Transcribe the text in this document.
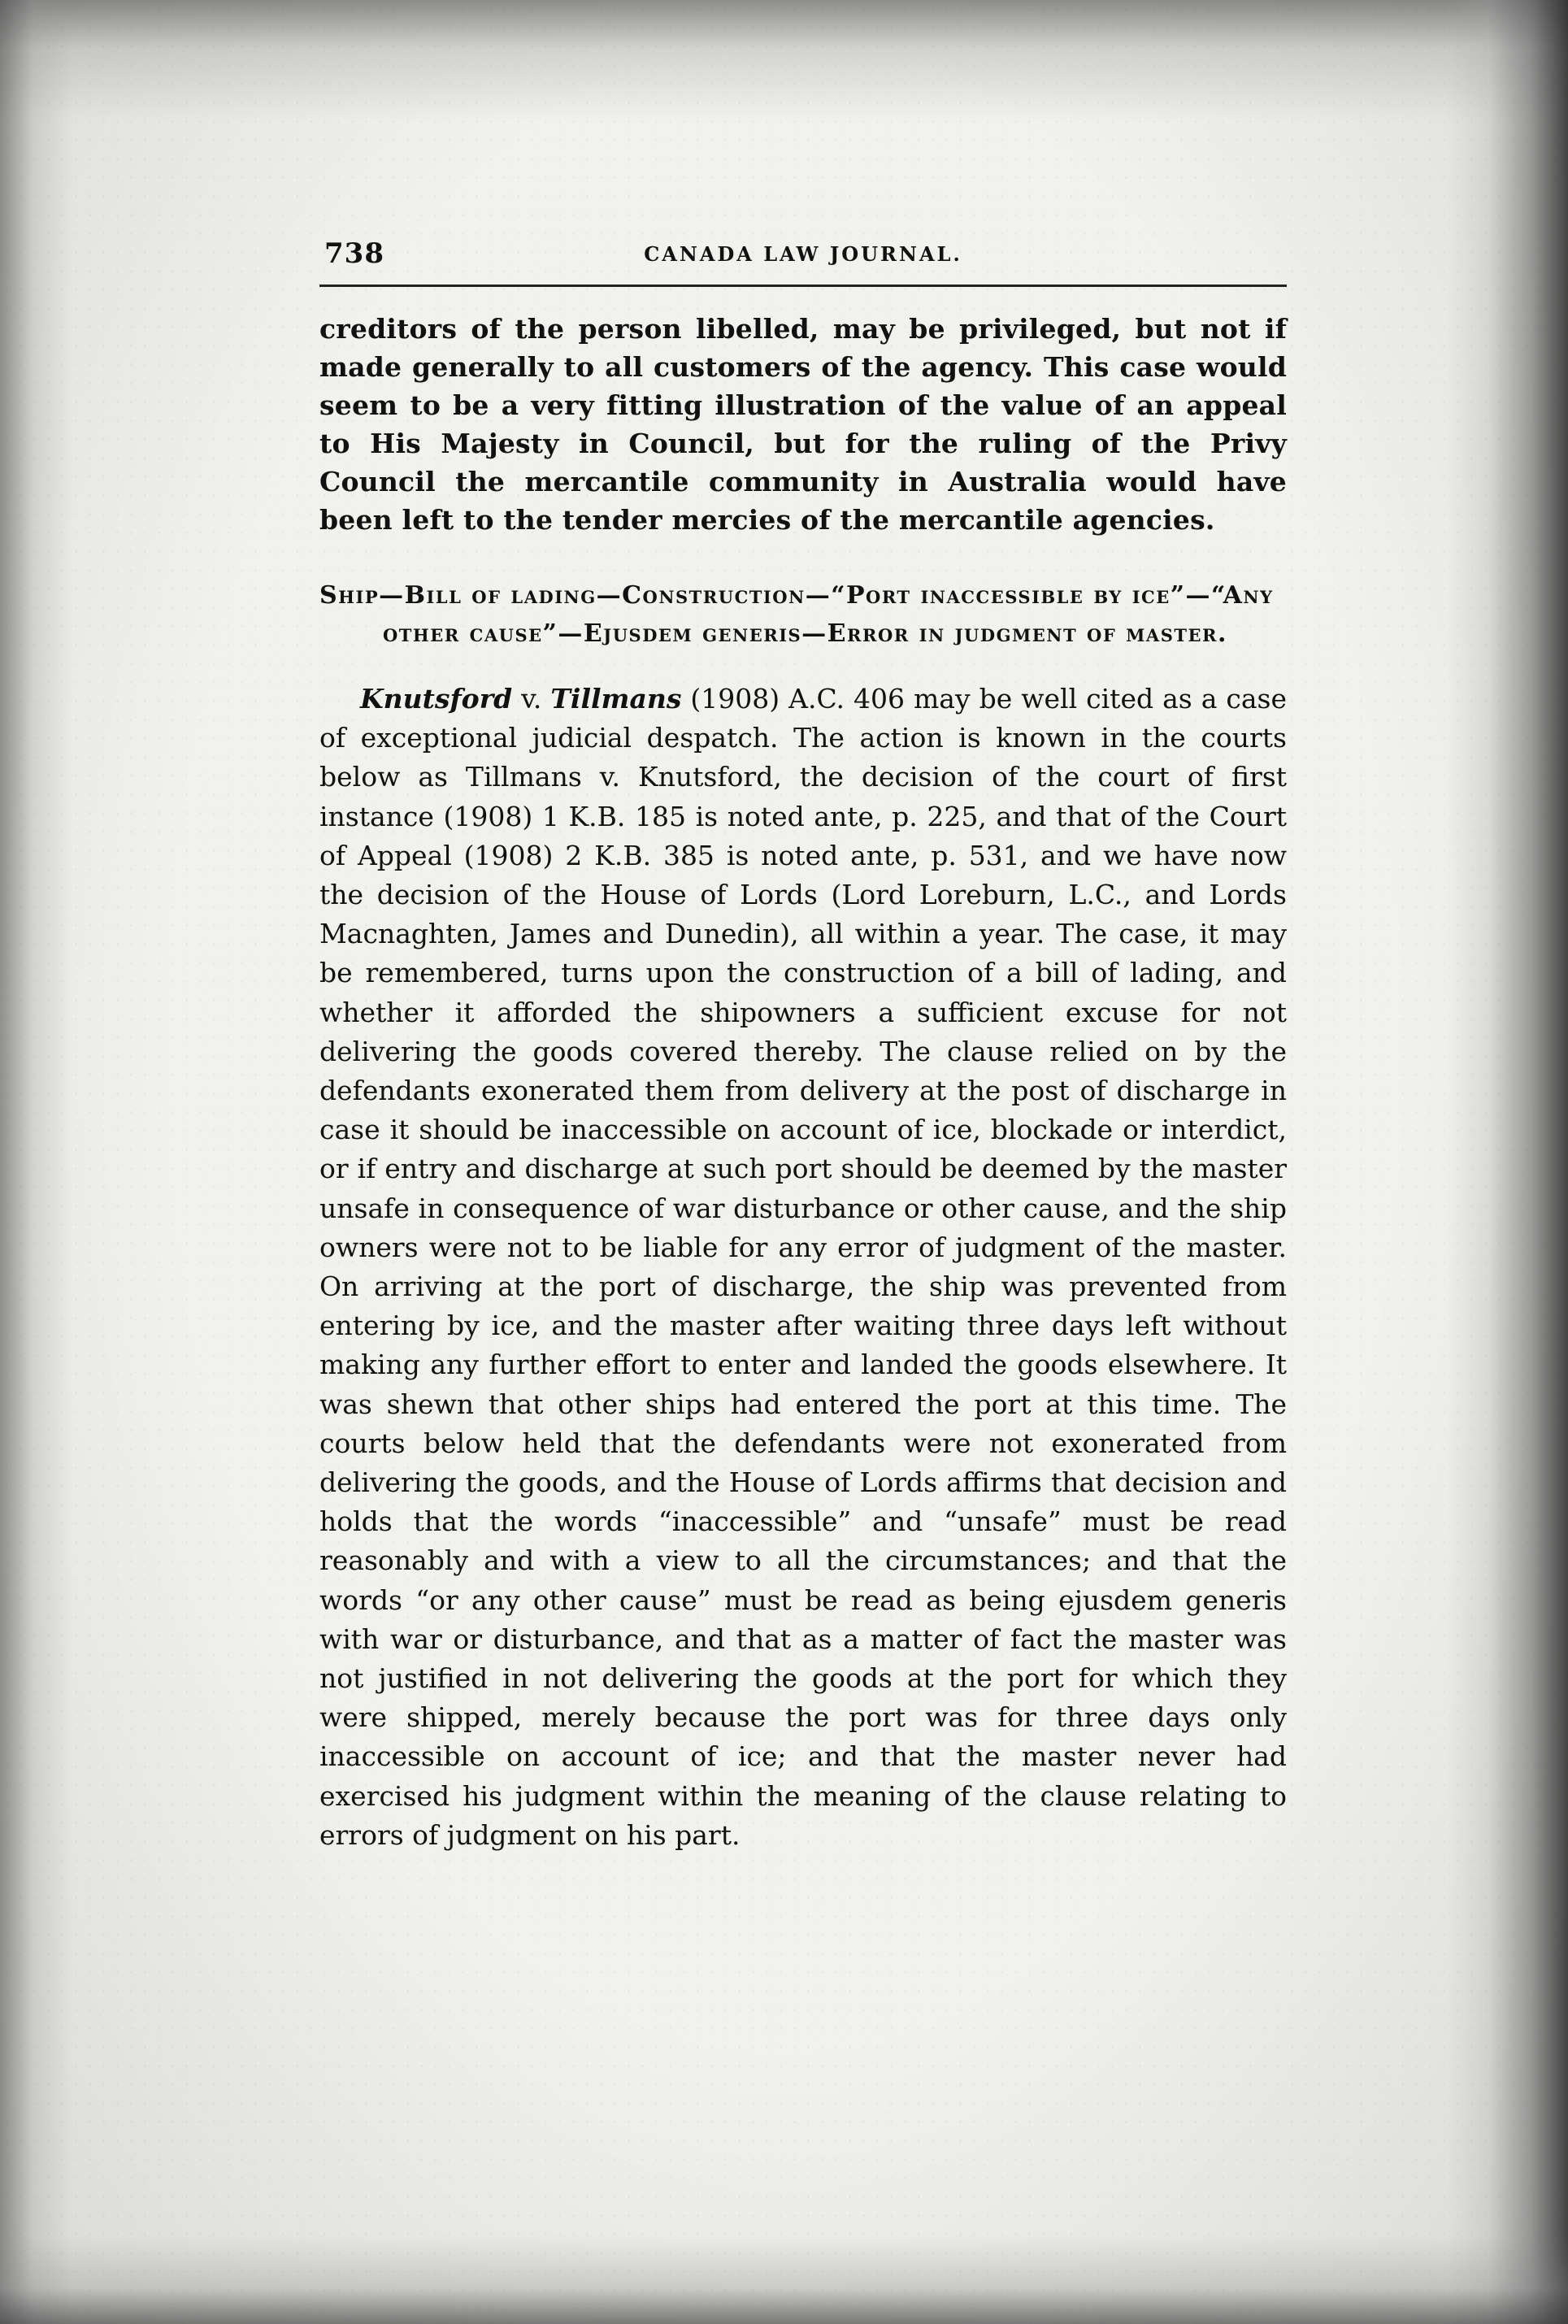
738	CANADA LAW JOURNAL.

creditors of the person libelled, may be privileged, but not if made generally to all customers of the agency. This case would seem to be a very fitting illustration of the value of an appeal to His Majesty in Council, but for the ruling of the Privy Council the mercantile community in Australia would have been left to the tender mercies of the mercantile agencies.

Ship—Bill of lading—Construction—“Port inaccessible by ice”—“Any other cause”—Ejusdem generis—Error in judgment of master.

Knutsford v. Tillmans (1908) A.C. 406 may be well cited as a case of exceptional judicial despatch. The action is known in the courts below as Tillmans v. Knutsford, the decision of the court of first instance (1908) 1 K.B. 185 is noted ante, p. 225, and that of the Court of Appeal (1908) 2 K.B. 385 is noted ante, p. 531, and we have now the decision of the House of Lords (Lord Loreburn, L.C., and Lords Macnaghten, James and Dunedin), all within a year. The case, it may be remembered, turns upon the construction of a bill of lading, and whether it afforded the shipowners a sufficient excuse for not delivering the goods covered thereby. The clause relied on by the defendants exonerated them from delivery at the post of discharge in case it should be inaccessible on account of ice, blockade or interdict, or if entry and discharge at such port should be deemed by the master unsafe in consequence of war disturbance or other cause, and the ship owners were not to be liable for any error of judgment of the master. On arriving at the port of discharge, the ship was prevented from entering by ice, and the master after waiting three days left without making any further effort to enter and landed the goods elsewhere. It was shewn that other ships had entered the port at this time. The courts below held that the defendants were not exonerated from delivering the goods, and the House of Lords affirms that decision and holds that the words “inaccessible” and “unsafe” must be read reasonably and with a view to all the circumstances; and that the words “or any other cause” must be read as being ejusdem generis with war or disturbance, and that as a matter of fact the master was not justified in not delivering the goods at the port for which they were shipped, merely because the port was for three days only inaccessible on account of ice; and that the master never had exercised his judgment within the meaning of the clause relating to errors of judgment on his part.
